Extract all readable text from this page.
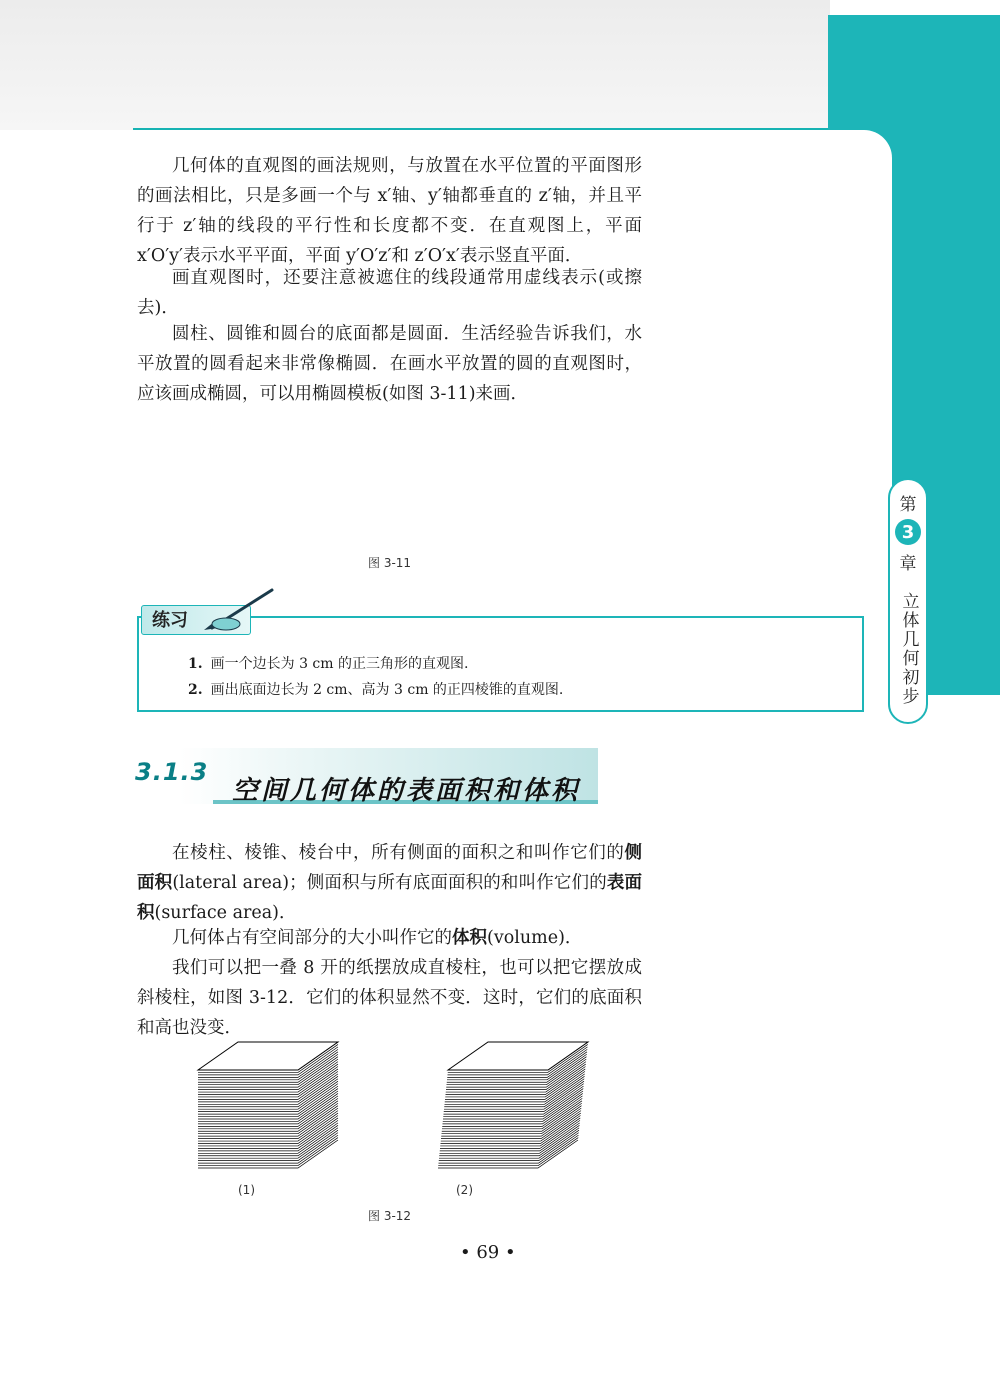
第
3
章
立体几何初步

几何体的直观图的画法规则，与放置在水平位置的平面图形的画法相比，只是多画一个与 x′轴、y′轴都垂直的 z′轴，并且平行于 z′轴的线段的平行性和长度都不变．在直观图上，平面 x′O′y′表示水平平面，平面 y′O′z′和 z′O′x′表示竖直平面．

画直观图时，还要注意被遮住的线段通常用虚线表示(或擦去)．

圆柱、圆锥和圆台的底面都是圆面．生活经验告诉我们，水平放置的圆看起来非常像椭圆．在画水平放置的圆的直观图时，应该画成椭圆，可以用椭圆模板(如图 3-11)来画．

图 3-11
练习
1. 画一个边长为 3 cm 的正三角形的直观图.
2. 画出底面边长为 2 cm、高为 3 cm 的正四棱锥的直观图.
3.1.3
空间几何体的表面积和体积

在棱柱、棱锥、棱台中，所有侧面的面积之和叫作它们的侧面积(lateral area)；侧面积与所有底面面积的和叫作它们的表面积(surface area)．

几何体占有空间部分的大小叫作它的体积(volume)．

我们可以把一叠 8 开的纸摆放成直棱柱，也可以把它摆放成斜棱柱，如图 3-12．它们的体积显然不变．这时，它们的底面积和高也没变．

(1)	(2)
图 3-12
• 69 •
